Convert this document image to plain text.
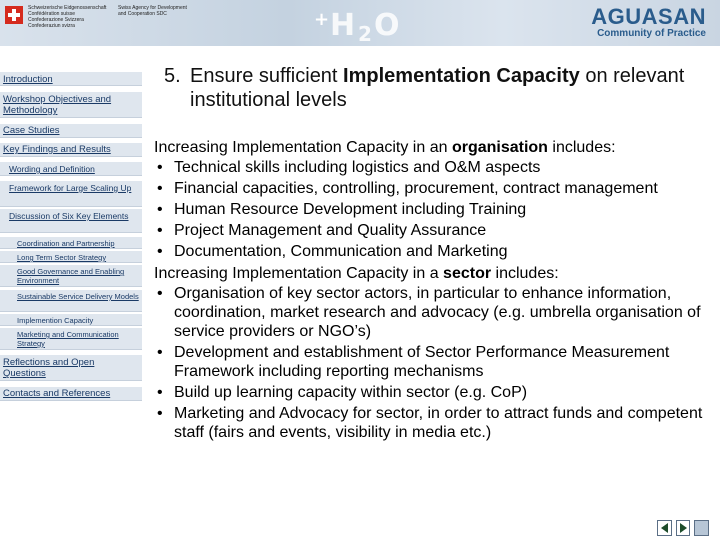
Schweizerische Eidgenossenschaft
Confédération suisse
Confederazione Svizzera
Confederaziun svizra
Swiss Agency for Development
and Cooperation SDC	+ H 2 O	AGUASAN
Community of Practice
Introduction
Workshop Objectives and Methodology
Case Studies
Key Findings and Results
Wording and Definition
Framework for Large Scaling Up
Discussion of Six Key Elements
Coordination and Partnership
Long Term Sector Strategy
Good Governance and Enabling Environment
Sustainable Service Delivery Models
Implemention Capacity
Marketing and Communication Strategy
Reflections and Open Questions
Contacts and References
5. Ensure sufficient Implementation Capacity on relevant institutional levels
Increasing Implementation Capacity in an organisation includes:
• Technical skills including logistics and O&M aspects
• Financial capacities, controlling, procurement, contract management
• Human Resource Development including Training
• Project Management and Quality Assurance
• Documentation, Communication and Marketing
Increasing Implementation Capacity in a sector includes:
• Organisation of key sector actors, in particular to enhance information, coordination, market research and advocacy (e.g. umbrella organisation of service providers or NGO’s)
• Development and establishment of Sector Performance Measurement Framework including reporting mechanisms
• Build up learning capacity within sector (e.g. CoP)
• Marketing and Advocacy for sector, in order to attract funds and competent staff (fairs and events, visibility in media etc.)
